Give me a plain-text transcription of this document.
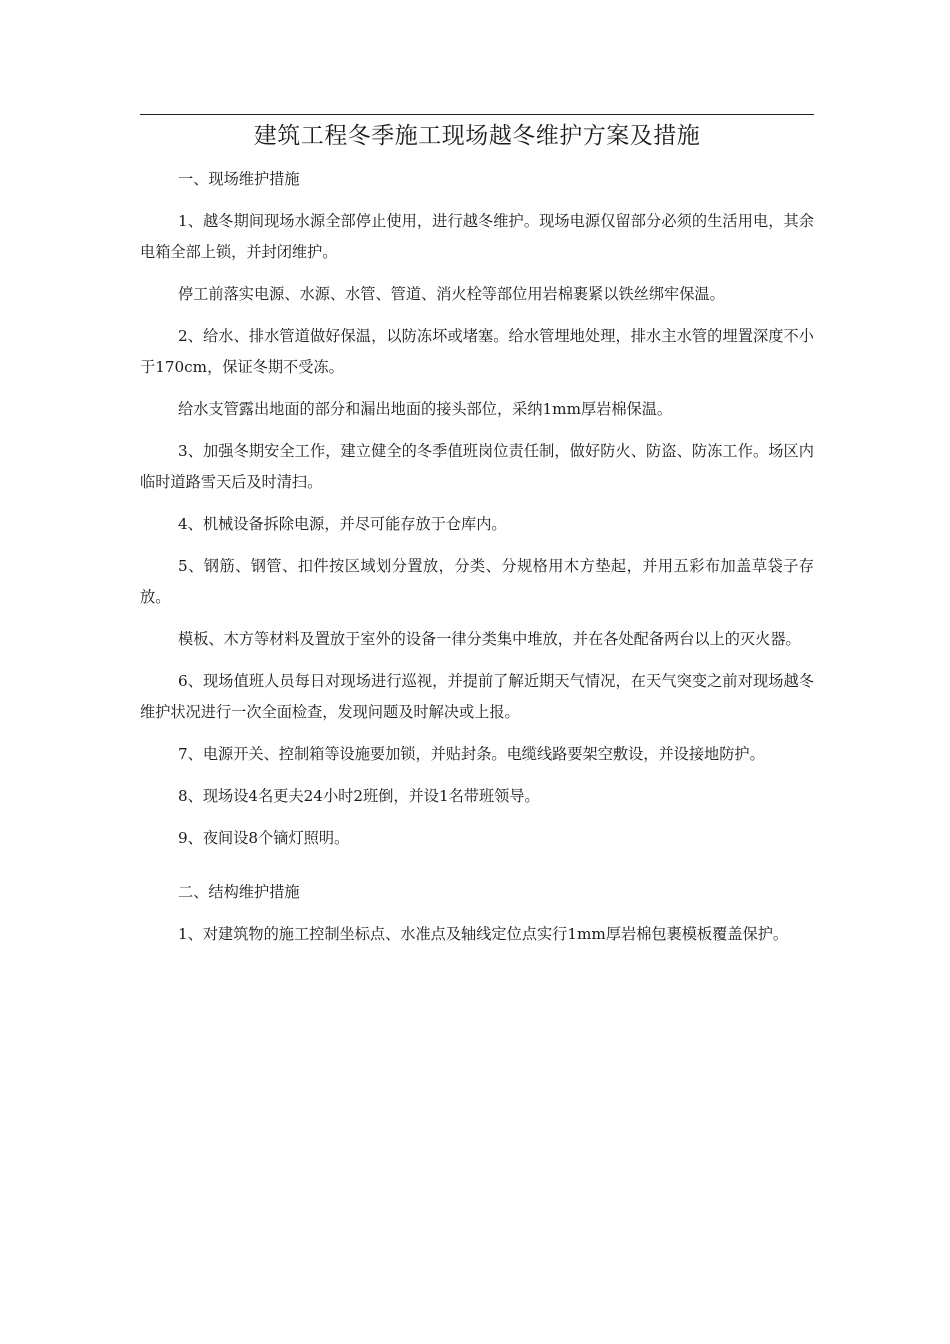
建筑工程冬季施工现场越冬维护方案及措施

一、现场维护措施

1、越冬期间现场水源全部停止使用，进行越冬维护。现场电源仅留部分必须的生活用电，其余电箱全部上锁，并封闭维护。

停工前落实电源、水源、水管、管道、消火栓等部位用岩棉裹紧以铁丝绑牢保温。

2、给水、排水管道做好保温，以防冻坏或堵塞。给水管埋地处理，排水主水管的埋置深度不小于170cm，保证冬期不受冻。

给水支管露出地面的部分和漏出地面的接头部位，采纳1mm厚岩棉保温。

3、加强冬期安全工作，建立健全的冬季值班岗位责任制，做好防火、防盗、防冻工作。场区内临时道路雪天后及时清扫。

4、机械设备拆除电源，并尽可能存放于仓库内。

5、钢筋、钢管、扣件按区域划分置放，分类、分规格用木方垫起，并用五彩布加盖草袋子存放。

模板、木方等材料及置放于室外的设备一律分类集中堆放，并在各处配备两台以上的灭火器。

6、现场值班人员每日对现场进行巡视，并提前了解近期天气情况，在天气突变之前对现场越冬维护状况进行一次全面检查，发现问题及时解决或上报。

7、电源开关、控制箱等设施要加锁，并贴封条。电缆线路要架空敷设，并设接地防护。

8、现场设4名更夫24小时2班倒，并设1名带班领导。

9、夜间设8个镝灯照明。

二、结构维护措施

1、对建筑物的施工控制坐标点、水准点及轴线定位点实行1mm厚岩棉包裹模板覆盖保护。
